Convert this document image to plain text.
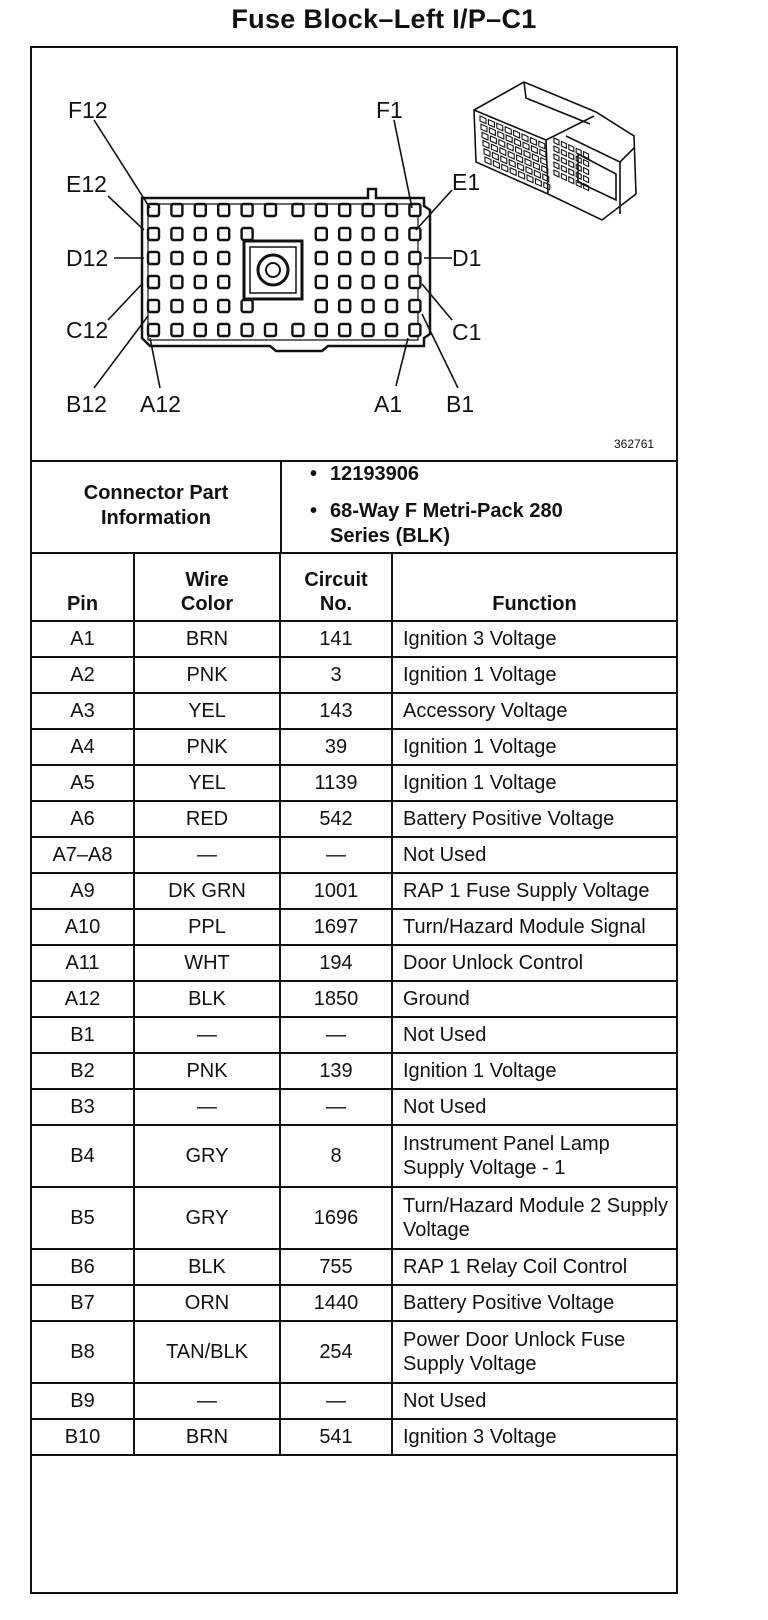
Fuse Block–Left I/P–C1
F12	F1
E12	E1
D12	D1
C12	C1
B12 A12	A1 B1
362761
Connector Part Information
• 12193906
• 68-Way F Metri-Pack 280 Series (BLK)
Pin	Wire Color	Circuit No.	Function
A1	BRN	141	Ignition 3 Voltage
A2	PNK	3	Ignition 1 Voltage
A3	YEL	143	Accessory Voltage
A4	PNK	39	Ignition 1 Voltage
A5	YEL	1139	Ignition 1 Voltage
A6	RED	542	Battery Positive Voltage
A7–A8	—	—	Not Used
A9	DK GRN	1001	RAP 1 Fuse Supply Voltage
A10	PPL	1697	Turn/Hazard Module Signal
A11	WHT	194	Door Unlock Control
A12	BLK	1850	Ground
B1	—	—	Not Used
B2	PNK	139	Ignition 1 Voltage
B3	—	—	Not Used
B4	GRY	8	Instrument Panel Lamp Supply Voltage - 1
B5	GRY	1696	Turn/Hazard Module 2 Supply Voltage
B6	BLK	755	RAP 1 Relay Coil Control
B7	ORN	1440	Battery Positive Voltage
B8	TAN/BLK	254	Power Door Unlock Fuse Supply Voltage
B9	—	—	Not Used
B10	BRN	541	Ignition 3 Voltage
